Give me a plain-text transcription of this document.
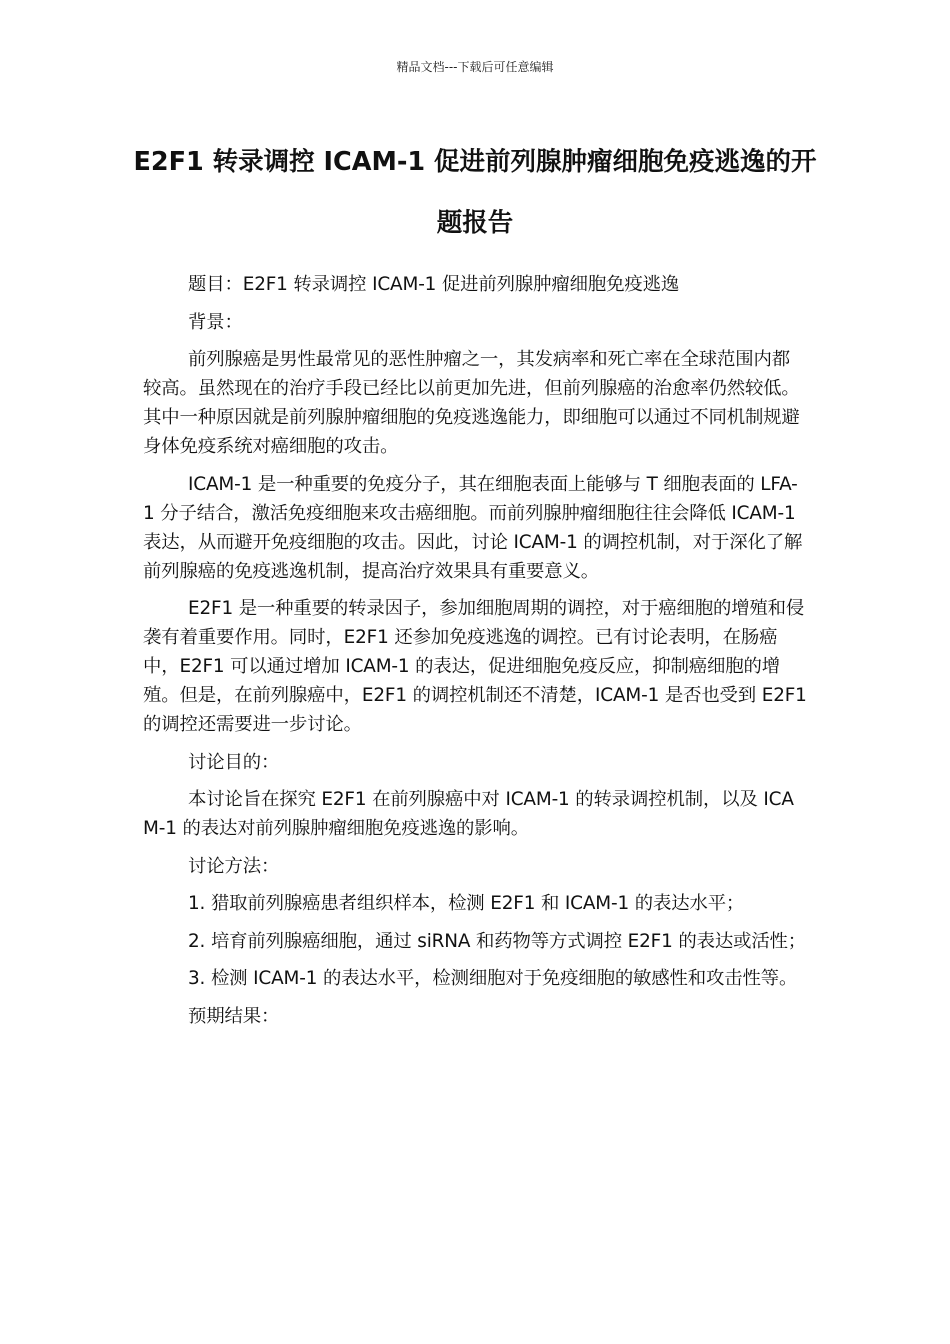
精品文档---下载后可任意编辑
E2F1 转录调控 ICAM-1 促进前列腺肿瘤细胞免疫逃逸的开题报告

题目：E2F1 转录调控 ICAM-1 促进前列腺肿瘤细胞免疫逃逸

背景：

前列腺癌是男性最常见的恶性肿瘤之一，其发病率和死亡率在全球范围内都较高。虽然现在的治疗手段已经比以前更加先进，但前列腺癌的治愈率仍然较低。其中一种原因就是前列腺肿瘤细胞的免疫逃逸能力，即细胞可以通过不同机制规避身体免疫系统对癌细胞的攻击。

ICAM-1 是一种重要的免疫分子，其在细胞表面上能够与 T 细胞表面的 LFA-1 分子结合，激活免疫细胞来攻击癌细胞。而前列腺肿瘤细胞往往会降低 ICAM-1 表达，从而避开免疫细胞的攻击。因此，讨论 ICAM-1 的调控机制，对于深化了解前列腺癌的免疫逃逸机制，提高治疗效果具有重要意义。

E2F1 是一种重要的转录因子，参加细胞周期的调控，对于癌细胞的增殖和侵袭有着重要作用。同时，E2F1 还参加免疫逃逸的调控。已有讨论表明，在肠癌中，E2F1 可以通过增加 ICAM-1 的表达，促进细胞免疫反应，抑制癌细胞的增殖。但是，在前列腺癌中，E2F1 的调控机制还不清楚，ICAM-1 是否也受到 E2F1 的调控还需要进一步讨论。

讨论目的：

本讨论旨在探究 E2F1 在前列腺癌中对 ICAM-1 的转录调控机制，以及 ICAM-1 的表达对前列腺肿瘤细胞免疫逃逸的影响。

讨论方法：

1. 猎取前列腺癌患者组织样本，检测 E2F1 和 ICAM-1 的表达水平；

2. 培育前列腺癌细胞，通过 siRNA 和药物等方式调控 E2F1 的表达或活性；

3. 检测 ICAM-1 的表达水平，检测细胞对于免疫细胞的敏感性和攻击性等。

预期结果：
